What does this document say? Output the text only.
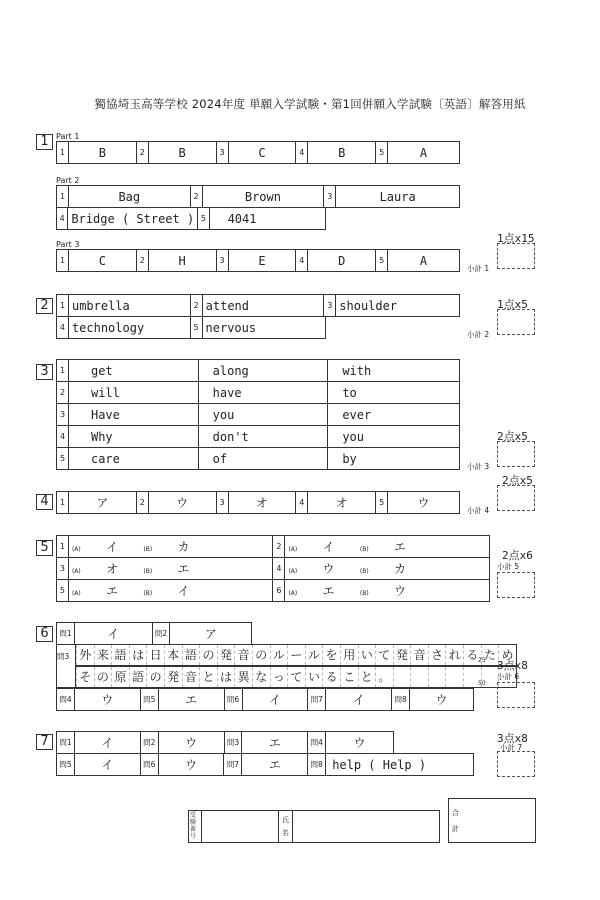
獨協埼玉高等学校 2024年度 単願入学試験・第1回併願入学試験〔英語〕解答用紙
1 Part 1
1	B	2	B	3	C	4	B	5	A
Part 2
1	Bag	2	Brown	3	Laura
4	Bridge ( Street )	5	4041
Part 3
1	C	2	H	3	E	4	D	5	A
1点x15
小計 1
2	1	umbrella	2	attend	3	shoulder
4	technology	5	nervous
1点x5
小計 2
3	1	get	along	with
2	will	have	to
3	Have	you	ever
4	Why	don't	you
5	care	of	by
2点x5
小計 3
4	1	ア	2	ウ	3	オ	4	オ	5	ウ
2点x5
小計 4
5	1	(A) イ (B) カ	2	(A) イ (B) エ
3	(A) オ (B) エ	4	(A) ウ (B) カ
5	(A) エ (B) イ	6	(A) エ (B) ウ
2点x6
小計 5
6	問1	イ	問2	ア
問3 外 来 語 は 日 本 語 の 発 音 の ル ー ル を 用 い て 発 音 さ れ る た め
そ の 原 語 の 発 音 と は 異 な っ て い る こ と 。
25
50
問4	ウ	問5	エ	問6	イ	問7	イ	問8	ウ
3点x8
小計 6
7	問1	イ	問2	ウ	問3	エ	問4	ウ
問5	イ	問6	ウ	問7	エ	問8	help ( Help )
3点x8
小計 7
受験番号
氏
名
合
計
